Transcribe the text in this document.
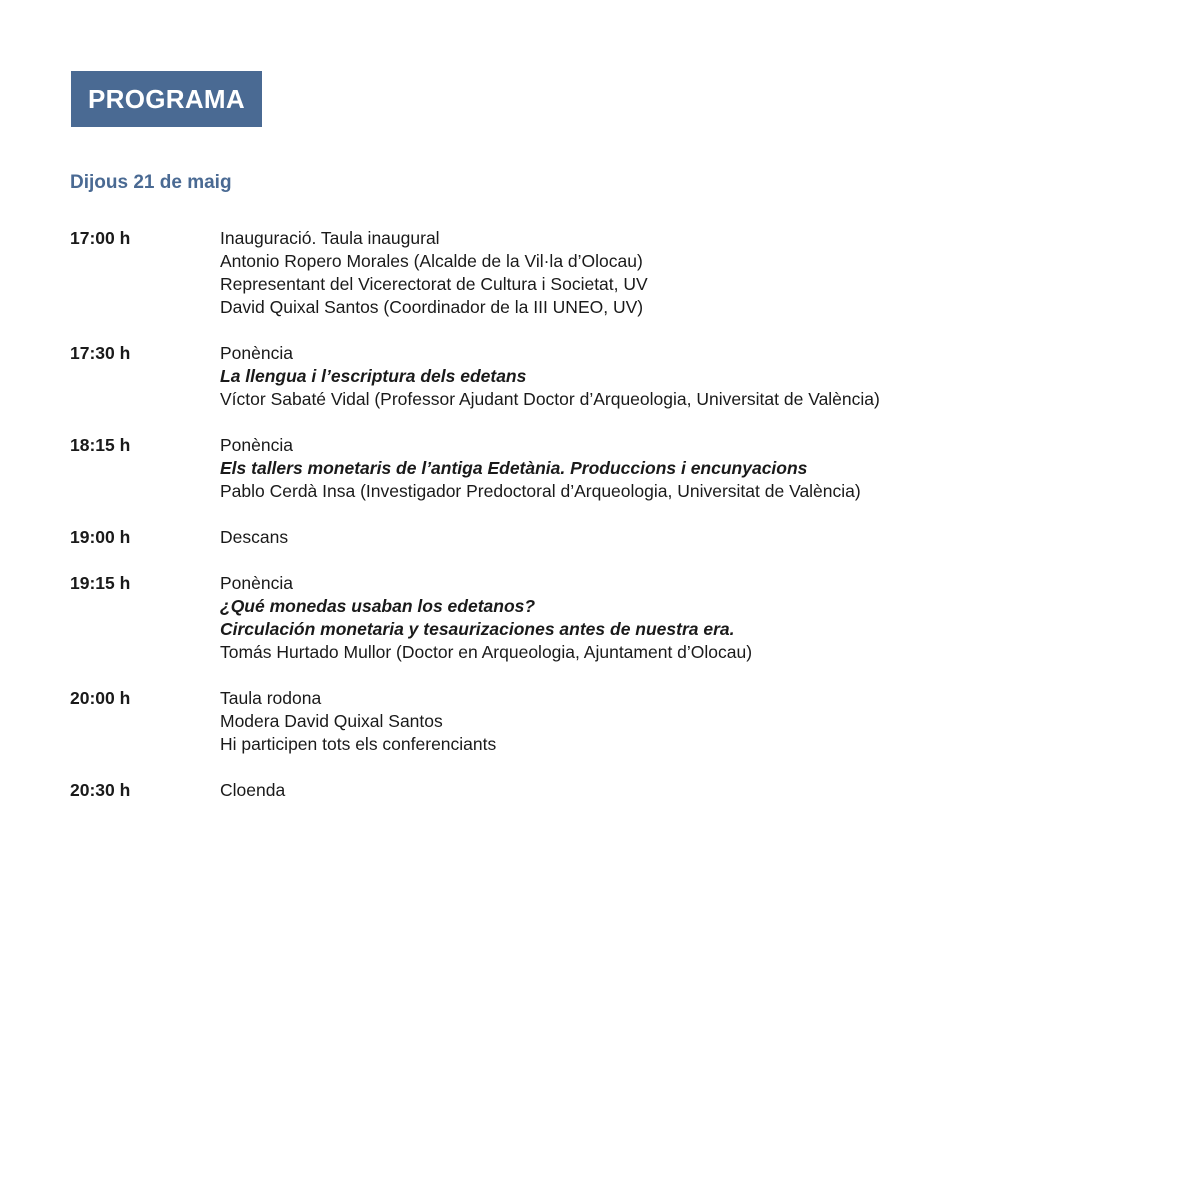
PROGRAMA
Dijous 21 de maig
17:00 h	Inauguració. Taula inaugural
Antonio Ropero Morales (Alcalde de la Vil·la d’Olocau)
Representant del Vicerectorat de Cultura i Societat, UV
David Quixal Santos (Coordinador de la III UNEO, UV)
17:30 h	Ponència
La llengua i l’escriptura dels edetans
Víctor Sabaté Vidal (Professor Ajudant Doctor d’Arqueologia, Universitat de València)
18:15 h	Ponència
Els tallers monetaris de l’antiga Edetània. Produccions i encunyacions
Pablo Cerdà Insa (Investigador Predoctoral d’Arqueologia, Universitat de València)
19:00 h	Descans
19:15 h	Ponència
¿Qué monedas usaban los edetanos?
Circulación monetaria y tesaurizaciones antes de nuestra era.
Tomás Hurtado Mullor (Doctor en Arqueologia, Ajuntament d’Olocau)
20:00 h	Taula rodona
Modera David Quixal Santos
Hi participen tots els conferenciants
20:30 h	Cloenda
